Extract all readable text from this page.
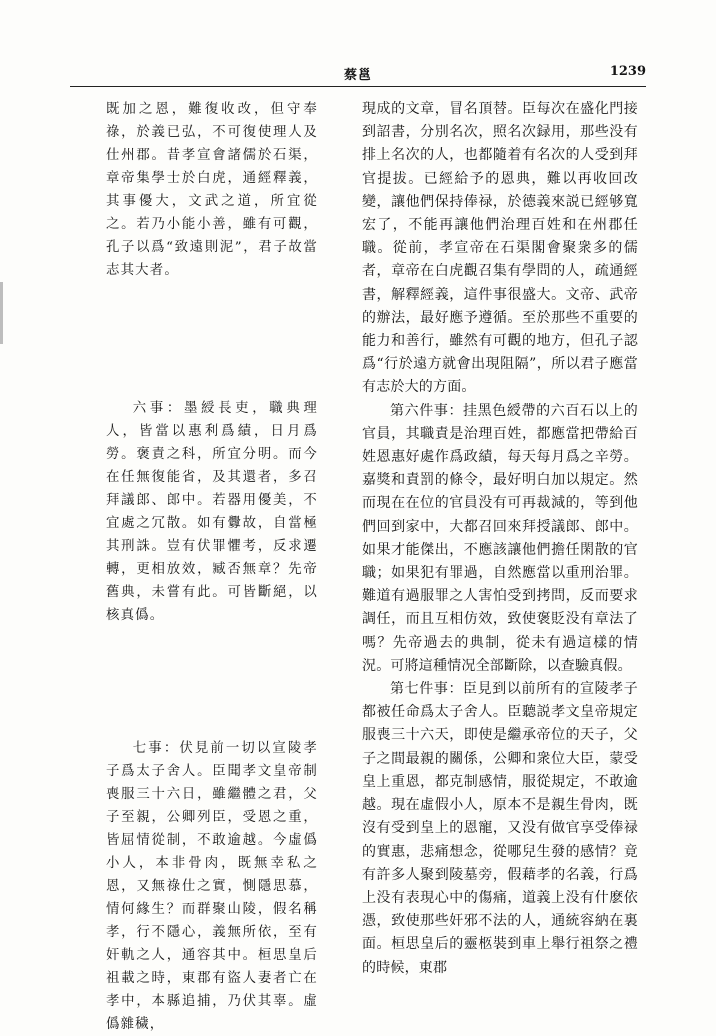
蔡邕	1239

既加之恩，難復收改，但守奉祿，於義已弘，不可復使理人及仕州郡。昔孝宣會諸儒於石渠，章帝集學士於白虎，通經釋義，其事優大，文武之道，所宜從之。若乃小能小善，雖有可觀，孔子以爲“致遠則泥”，君子故當志其大者。

六事：墨綬長吏，職典理人，皆當以惠利爲績，日月爲勞。褒責之科，所宜分明。而今在任無復能省，及其還者，多召拜議郎、郎中。若器用優美，不宜處之冗散。如有釁故，自當極其刑誅。豈有伏罪懼考，反求遷轉，更相放效，臧否無章？先帝舊典，未嘗有此。可皆斷絕，以核真僞。

七事：伏見前一切以宣陵孝子爲太子舍人。臣聞孝文皇帝制喪服三十六日，雖繼體之君，父子至親，公卿列臣，受恩之重，皆屈情從制，不敢逾越。今虛僞小人，本非骨肉，既無幸私之恩，又無祿仕之實，惻隱思慕，情何緣生？而群聚山陵，假名稱孝，行不隱心，義無所依，至有奸軌之人，通容其中。桓思皇后祖載之時，東郡有盜人妻者亡在孝中，本縣追捕，乃伏其辜。虛僞雜穢，

現成的文章，冒名頂替。臣每次在盛化門接到詔書，分別名次，照名次録用，那些没有排上名次的人，也都隨着有名次的人受到拜官提拔。已經給予的恩典，難以再收回改變，讓他們保持俸禄，於德義來説已經够寬宏了，不能再讓他們治理百姓和在州郡任職。從前，孝宣帝在石渠閣會聚衆多的儒者，章帝在白虎觀召集有學問的人，疏通經書，解釋經義，這件事很盛大。文帝、武帝的辦法，最好應予遵循。至於那些不重要的能力和善行，雖然有可觀的地方，但孔子認爲“行於遠方就會出現阻隔”，所以君子應當有志於大的方面。

第六件事：挂黑色綬帶的六百石以上的官員，其職責是治理百姓，都應當把帶給百姓恩惠好處作爲政績，每天每月爲之辛勞。嘉獎和責罰的條令，最好明白加以規定。然而現在在位的官員没有可再裁減的，等到他們回到家中，大都召回來拜授議郎、郎中。如果才能傑出，不應該讓他們擔任閑散的官職；如果犯有罪過，自然應當以重刑治罪。難道有過服罪之人害怕受到拷問，反而要求調任，而且互相仿效，致使褒貶没有章法了嗎？先帝過去的典制，從未有過這樣的情況。可將這種情况全部斷除，以查驗真假。

第七件事：臣見到以前所有的宣陵孝子都被任命爲太子舍人。臣聽説孝文皇帝規定服喪三十六天，即使是繼承帝位的天子，父子之間最親的關係，公卿和衆位大臣，蒙受皇上重恩，都克制感情，服從規定，不敢逾越。現在虛假小人，原本不是親生骨肉，既沒有受到皇上的恩寵，又没有做官享受俸禄的實惠，悲痛想念，從哪兒生發的感情？竟有許多人聚到陵墓旁，假藉孝的名義，行爲上没有表現心中的傷痛，道義上没有什麽依憑，致使那些奸邪不法的人，通統容納在裏面。桓思皇后的靈柩裝到車上舉行祖祭之禮的時候，東郡
